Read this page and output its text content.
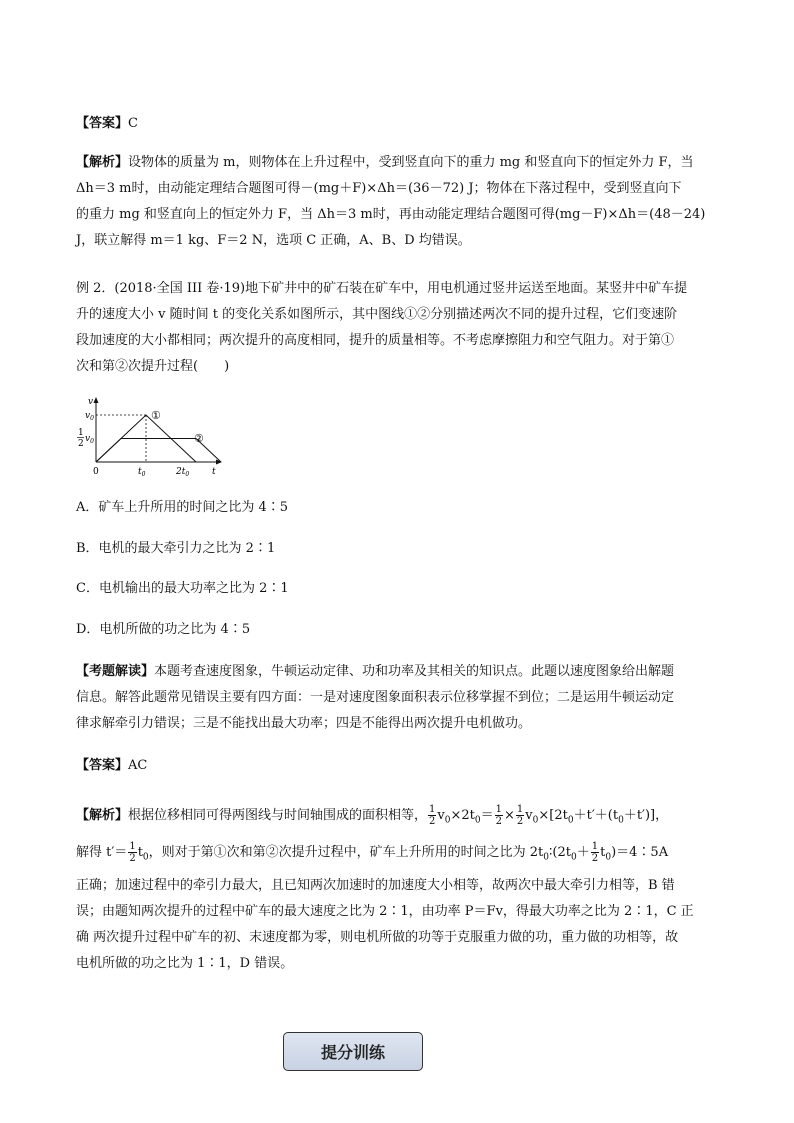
【答案】C
【解析】设物体的质量为 m，则物体在上升过程中，受到竖直向下的重力 mg 和竖直向下的恒定外力 F，当
Δh＝3 m时，由动能定理结合题图可得－(mg＋F)×Δh＝(36－72) J；物体在下落过程中，受到竖直向下
的重力 mg 和竖直向上的恒定外力 F，当 Δh＝3 m时，再由动能定理结合题图可得(mg－F)×Δh＝(48－24)
J，联立解得 m＝1 kg、F＝2 N，选项 C 正确，A、B、D 均错误。
例 2．(2018·全国 III 卷·19)地下矿井中的矿石装在矿车中，用电机通过竖井运送至地面。某竖井中矿车提
升的速度大小 v 随时间 t 的变化关系如图所示，其中图线①②分别描述两次不同的提升过程，它们变速阶
段加速度的大小都相同；两次提升的高度相同，提升的质量相等。不考虑摩擦阻力和空气阻力。对于第①
次和第②次提升过程(　　)
v
t
$v_0$
1
2 $v_0$
0	$t_0$	$2t_0$
①
②
A．矿车上升所用的时间之比为 4∶5
B．电机的最大牵引力之比为 2∶1
C．电机输出的最大功率之比为 2∶1
D．电机所做的功之比为 4∶5
【考题解读】本题考查速度图象，牛顿运动定律、功和功率及其相关的知识点。此题以速度图象给出解题
信息。解答此题常见错误主要有四方面：一是对速度图象面积表示位移掌握不到位；二是运用牛顿运动定
律求解牵引力错误；三是不能找出最大功率；四是不能得出两次提升电机做功。
【答案】AC
【解析】根据位移相同可得两图线与时间轴围成的面积相等， $\frac{1}{2} v_0\times 2t_0= \frac{1}{2} \times \frac{1}{2} v_0\times[2t_0+t'+(t_0+t')]$，
解得 $t'= \frac{1}{2} t_0$，则对于第①次和第②次提升过程中，矿车上升所用的时间之比为 $2t_0∶(2t_0+ \frac{1}{2}$ $t_0)=4∶5A$
正确；加速过程中的牵引力最大，且已知两次加速时的加速度大小相等，故两次中最大牵引力相等，B 错
误；由题知两次提升的过程中矿车的最大速度之比为 2∶1，由功率 P＝Fv，得最大功率之比为 2∶1，C 正
确 两次提升过程中矿车的初、末速度都为零，则电机所做的功等于克服重力做的功，重力做的功相等，故
电机所做的功之比为 1∶1，D 错误。
提分训练
